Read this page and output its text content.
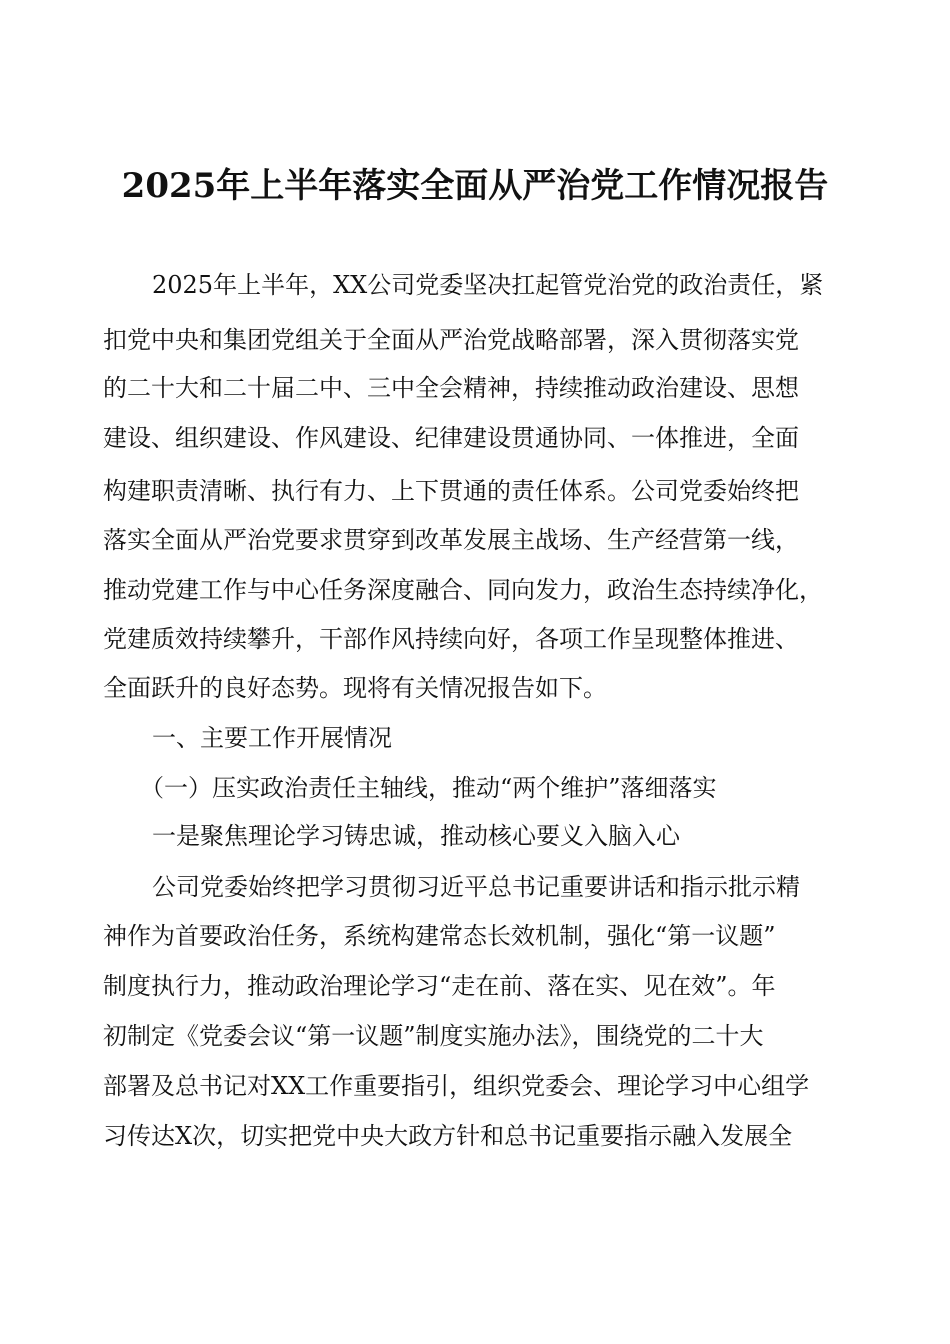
2025年上半年落实全面从严治党工作情况报告
2025年上半年，XX公司党委坚决扛起管党治党的政治责任，紧
扣党中央和集团党组关于全面从严治党战略部署，深入贯彻落实党
的二十大和二十届二中、三中全会精神，持续推动政治建设、思想
建设、组织建设、作风建设、纪律建设贯通协同、一体推进，全面
构建职责清晰、执行有力、上下贯通的责任体系。公司党委始终把
落实全面从严治党要求贯穿到改革发展主战场、生产经营第一线，
推动党建工作与中心任务深度融合、同向发力，政治生态持续净化，
党建质效持续攀升，干部作风持续向好，各项工作呈现整体推进、
全面跃升的良好态势。现将有关情况报告如下。
一、主要工作开展情况
（一）压实政治责任主轴线，推动“两个维护”落细落实
一是聚焦理论学习铸忠诚，推动核心要义入脑入心
公司党委始终把学习贯彻习近平总书记重要讲话和指示批示精
神作为首要政治任务，系统构建常态长效机制，强化“第一议题”
制度执行力，推动政治理论学习“走在前、落在实、见在效”。年
初制定《党委会议“第一议题”制度实施办法》，围绕党的二十大
部署及总书记对XX工作重要指引，组织党委会、理论学习中心组学
习传达X次，切实把党中央大政方针和总书记重要指示融入发展全
